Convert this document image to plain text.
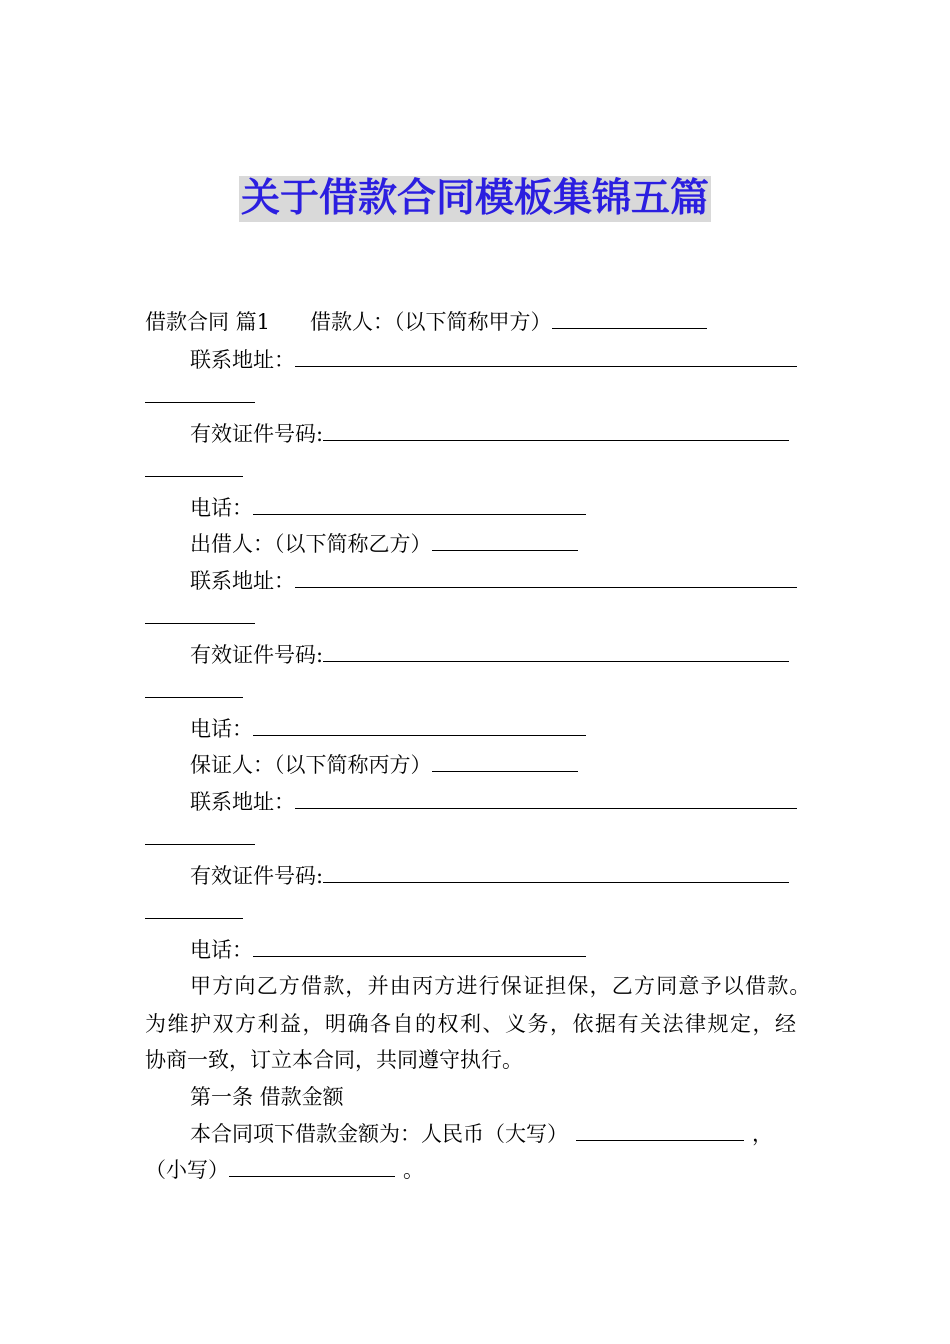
关于借款合同模板集锦五篇
借款合同 篇1 借款人：（以下简称甲方）
联系地址：
有效证件号码:
电话：
出借人：（以下简称乙方）
联系地址：
有效证件号码:
电话：
保证人：（以下简称丙方）
联系地址：
有效证件号码:
电话：
甲方向乙方借款，并由丙方进行保证担保，乙方同意予以借款。
为维护双方利益，明确各自的权利、义务，依据有关法律规定，经
协商一致，订立本合同，共同遵守执行。
第一条 借款金额
本合同项下借款金额为：人民币（大写）	，
（小写）	。
